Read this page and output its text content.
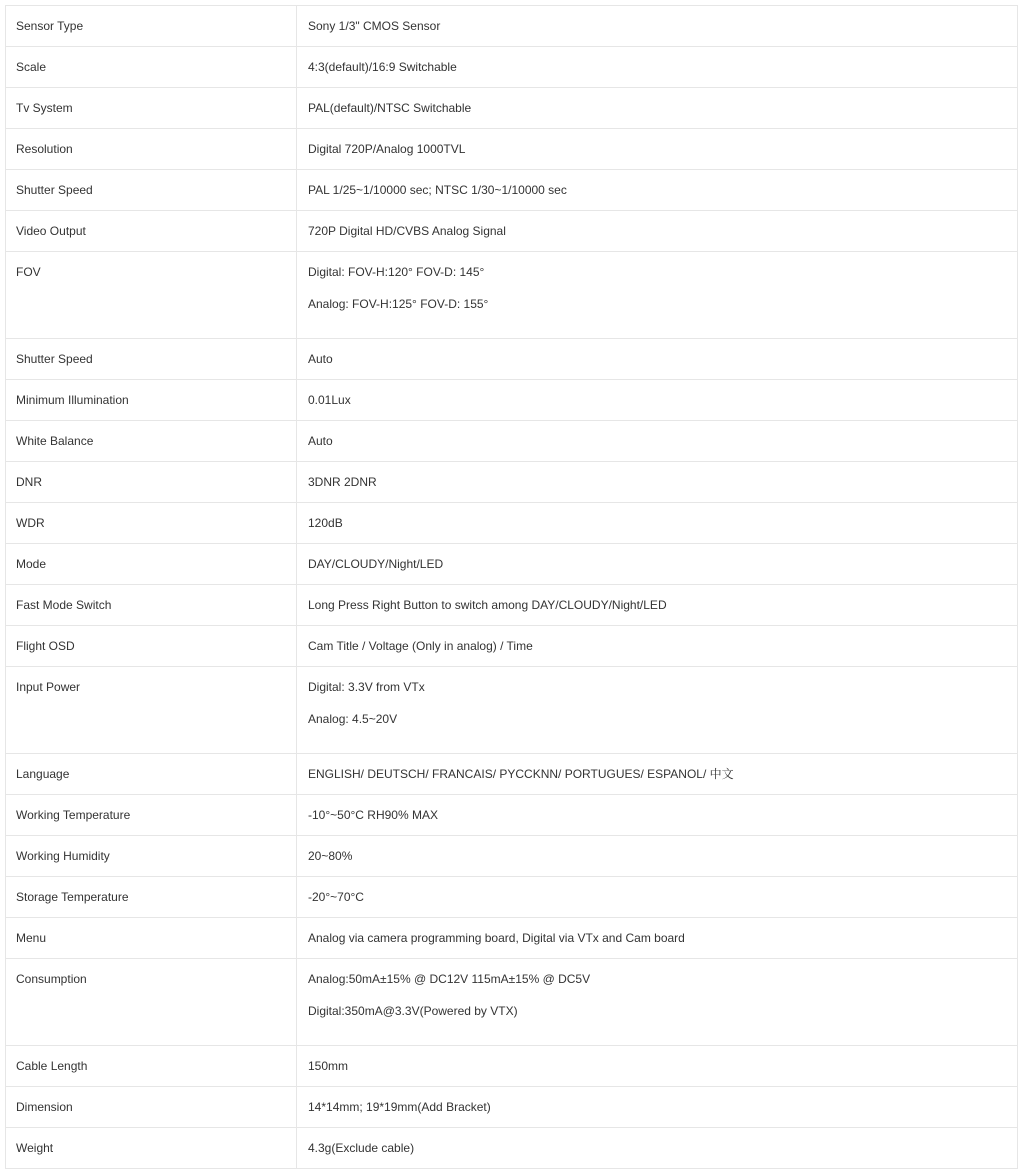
Sensor Type	Sony 1/3" CMOS Sensor

Scale	4:3(default)/16:9 Switchable

Tv System	PAL(default)/NTSC Switchable

Resolution	Digital 720P/Analog 1000TVL

Shutter Speed	PAL 1/25~1/10000 sec; NTSC 1/30~1/10000 sec

Video Output	720P Digital HD/CVBS Analog Signal

FOV	Digital: FOV-H:120° FOV-D: 145°
Analog: FOV-H:125° FOV-D: 155°

Shutter Speed	Auto

Minimum Illumination	0.01Lux

White Balance	Auto

DNR	3DNR 2DNR

WDR	120dB

Mode	DAY/CLOUDY/Night/LED

Fast Mode Switch	Long Press Right Button to switch among DAY/CLOUDY/Night/LED

Flight OSD	Cam Title / Voltage (Only in analog) / Time

Input Power	Digital: 3.3V from VTx
Analog: 4.5~20V

Language	ENGLISH/ DEUTSCH/ FRANCAIS/ PYCCKNN/ PORTUGUES/ ESPANOL/ 中文

Working Temperature	-10°~50°C RH90% MAX

Working Humidity	20~80%

Storage Temperature	-20°~70°C

Menu	Analog via camera programming board, Digital via VTx and Cam board

Consumption	Analog:50mA±15% @ DC12V 115mA±15% @ DC5V
Digital:350mA@3.3V(Powered by VTX)

Cable Length	150mm

Dimension	14*14mm; 19*19mm(Add Bracket)

Weight	4.3g(Exclude cable)
